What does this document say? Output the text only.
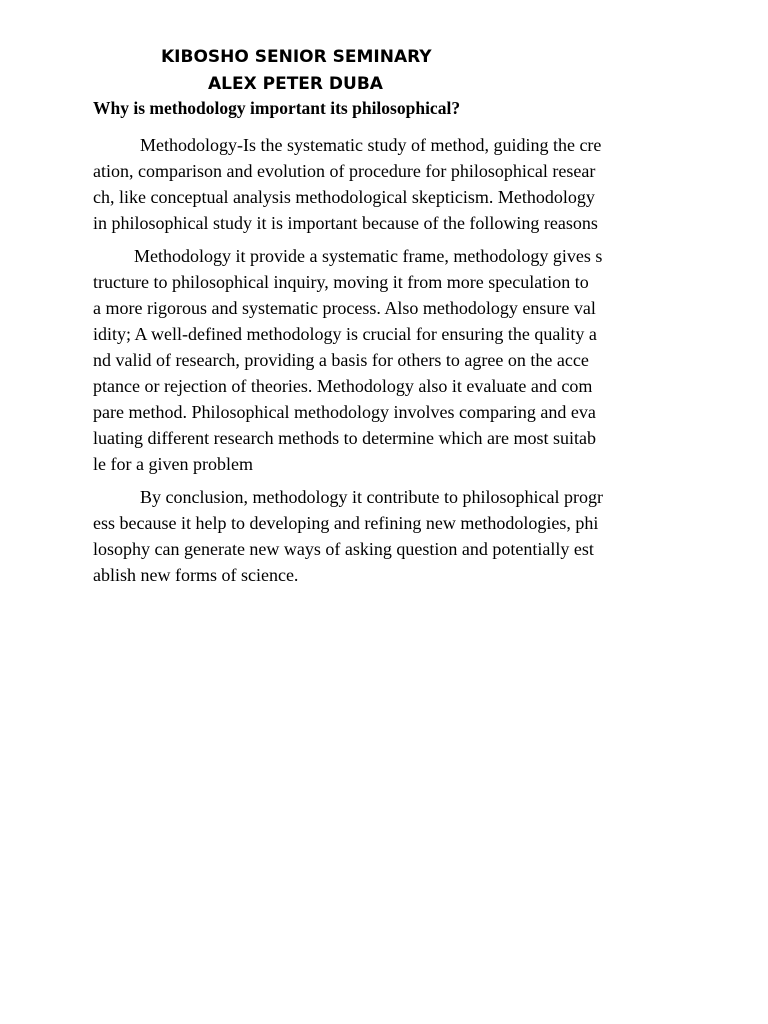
KIBOSHO SENIOR SEMINARY
ALEX PETER DUBA
Why is methodology important its philosophical?

Methodology-Is the systematic study of method, guiding the cre
ation, comparison and evolution of procedure for philosophical resear
ch, like conceptual analysis methodological skepticism. Methodology
in philosophical study it is important because of the following reasons

Methodology it provide a systematic frame, methodology gives s
tructure to philosophical inquiry, moving it from more speculation to
a more rigorous and systematic process. Also methodology ensure val
idity; A well-defined methodology is crucial for ensuring the quality a
nd valid of research, providing a basis for others to agree on the acce
ptance or rejection of theories. Methodology also it evaluate and com
pare method. Philosophical methodology involves comparing and eva
luating different research methods to determine which are most suitab
le for a given problem

By conclusion, methodology it contribute to philosophical progr
ess because it help to developing and refining new methodologies, phi
losophy can generate new ways of asking question and potentially est
ablish new forms of science.
